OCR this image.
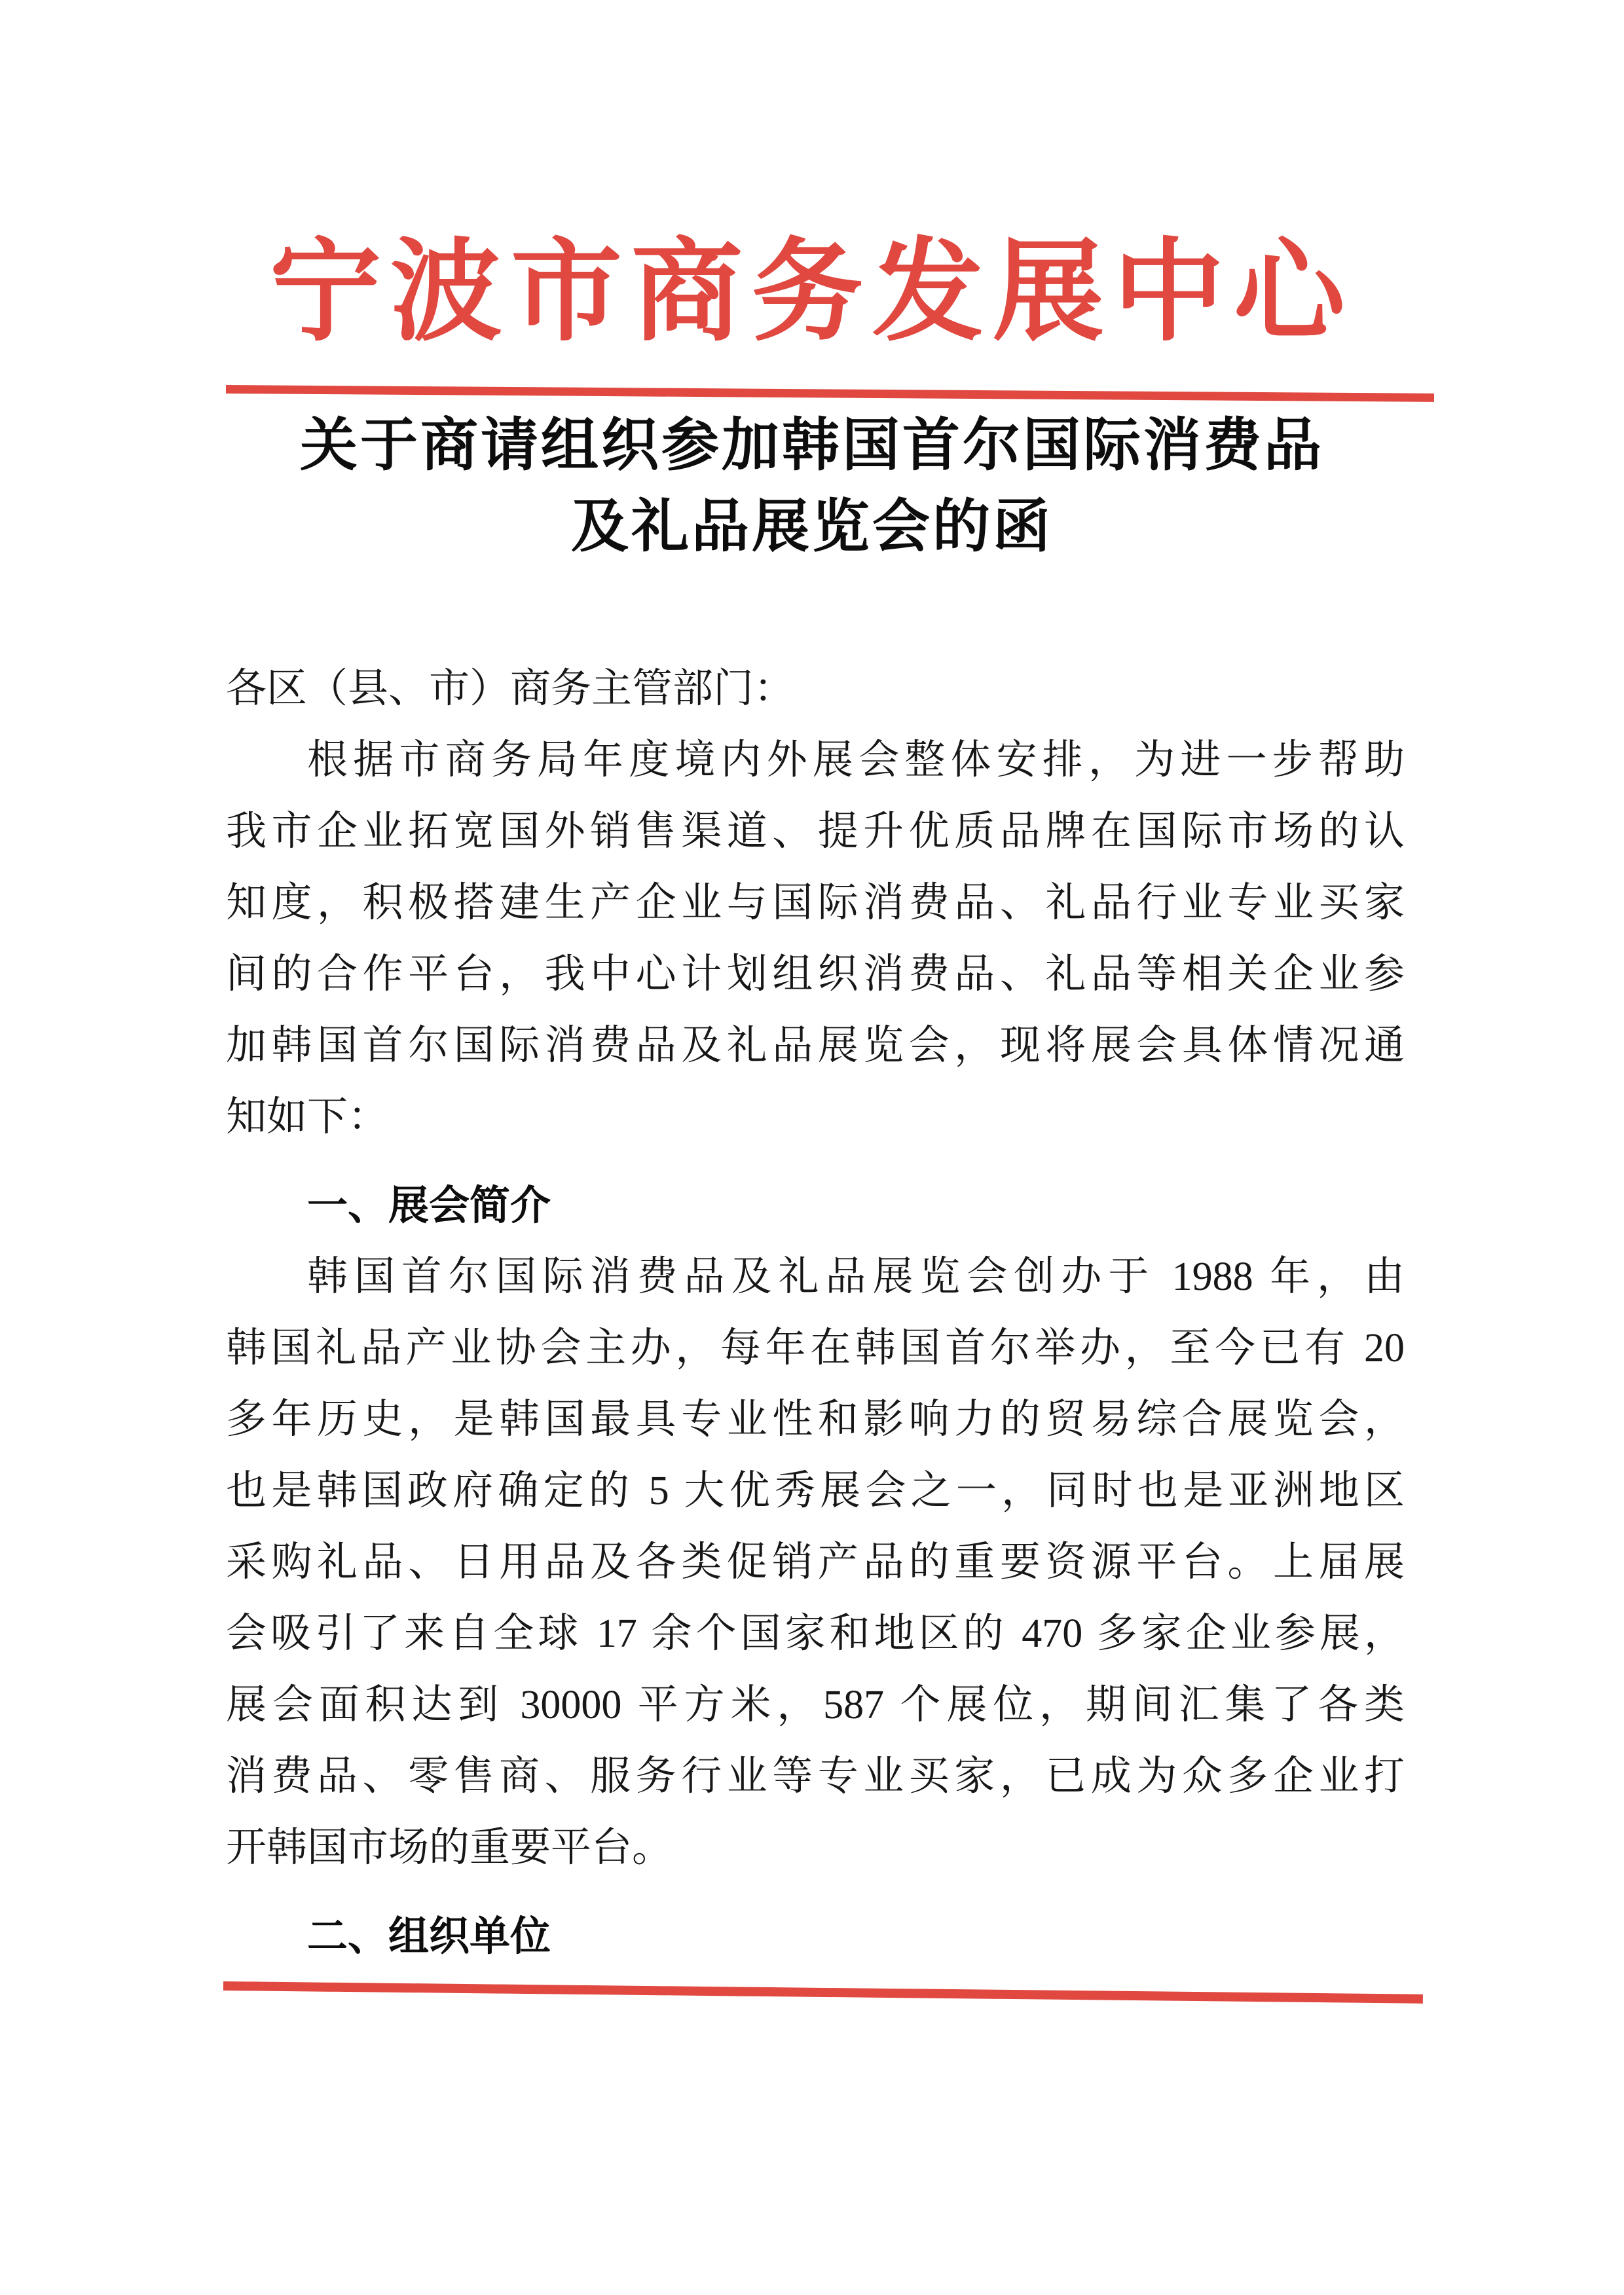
宁波市商务发展中心
关于商请组织参加韩国首尔国际消费品
及礼品展览会的函
各区（县、市）商务主管部门：
根据市商务局年度境内外展会整体安排，为进一步帮助
我市企业拓宽国外销售渠道、提升优质品牌在国际市场的认
知度，积极搭建生产企业与国际消费品、礼品行业专业买家
间的合作平台，我中心计划组织消费品、礼品等相关企业参
加韩国首尔国际消费品及礼品展览会，现将展会具体情况通
知如下：
一、展会简介
韩国首尔国际消费品及礼品展览会创办于 1988 年，由
韩国礼品产业协会主办，每年在韩国首尔举办，至今已有 20
多年历史，是韩国最具专业性和影响力的贸易综合展览会，
也是韩国政府确定的 5 大优秀展会之一，同时也是亚洲地区
采购礼品、日用品及各类促销产品的重要资源平台。上届展
会吸引了来自全球 17 余个国家和地区的 470 多家企业参展，
展会面积达到 30000 平方米，587 个展位，期间汇集了各类
消费品、零售商、服务行业等专业买家，已成为众多企业打
开韩国市场的重要平台。
二、组织单位
